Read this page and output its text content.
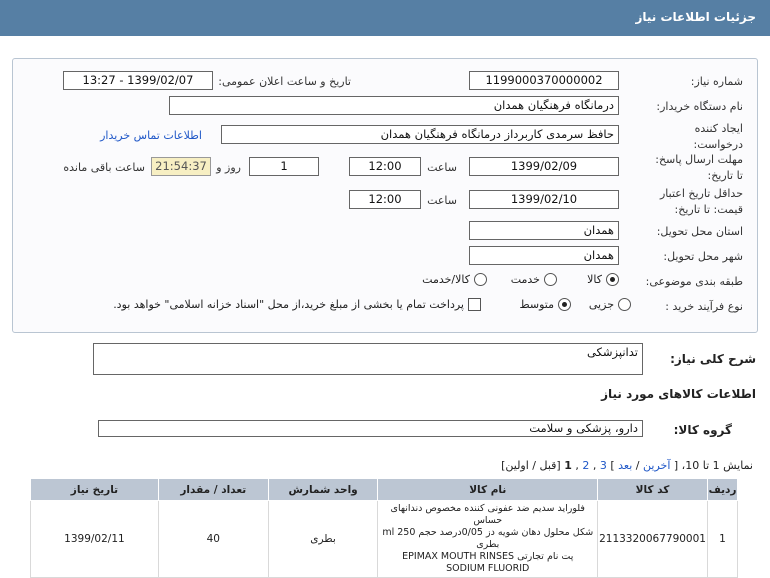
جزئیات اطلاعات نیاز
شماره نیاز:
1199000370000002
تاریخ و ساعت اعلان عمومی:
1399/02/07 - 13:27
نام دستگاه خریدار:
درمانگاه فرهنگیان همدان
ایجاد کننده
درخواست:
حافظ سرمدی کاربرداز درمانگاه فرهنگیان همدان
اطلاعات تماس خریدار
مهلت ارسال پاسخ:
تا تاریخ:
1399/02/09
ساعت
12:00
1
روز و
21:54:37
ساعت باقی مانده
حداقل تاریخ اعتبار
قیمت: تا تاریخ:
1399/02/10
ساعت
12:00
استان محل تحویل:
همدان
شهر محل تحویل:
همدان
طبقه بندی موضوعی:
کالا
خدمت
کالا/خدمت
نوع فرآیند خرید :
جزیی
متوسط
پرداخت تمام یا بخشی از مبلغ خرید،از محل "اسناد خزانه اسلامی" خواهد بود.
شرح کلی نیاز:
تدانپزشکی
اطلاعات کالاهای مورد نیاز
گروه کالا:
دارو، پزشکی و سلامت
نمایش 1 تا 10، [ آخرین / بعد ] 3 , 2 , 1 [قبل / اولین]
ردیف	کد کالا	نام کالا	واحد شمارش	تعداد / مقدار	تاریخ نیاز
1	2113320067790001	فلوراید سدیم ضد عفونی کننده مخصوص دندانهای حساس
شکل محلول دهان شویه دز 0/05درصد حجم 250 ml بطری
پت نام تجارتی EPIMAX MOUTH RINSES SODIUM FLUORID	بطری	40	1399/02/11
